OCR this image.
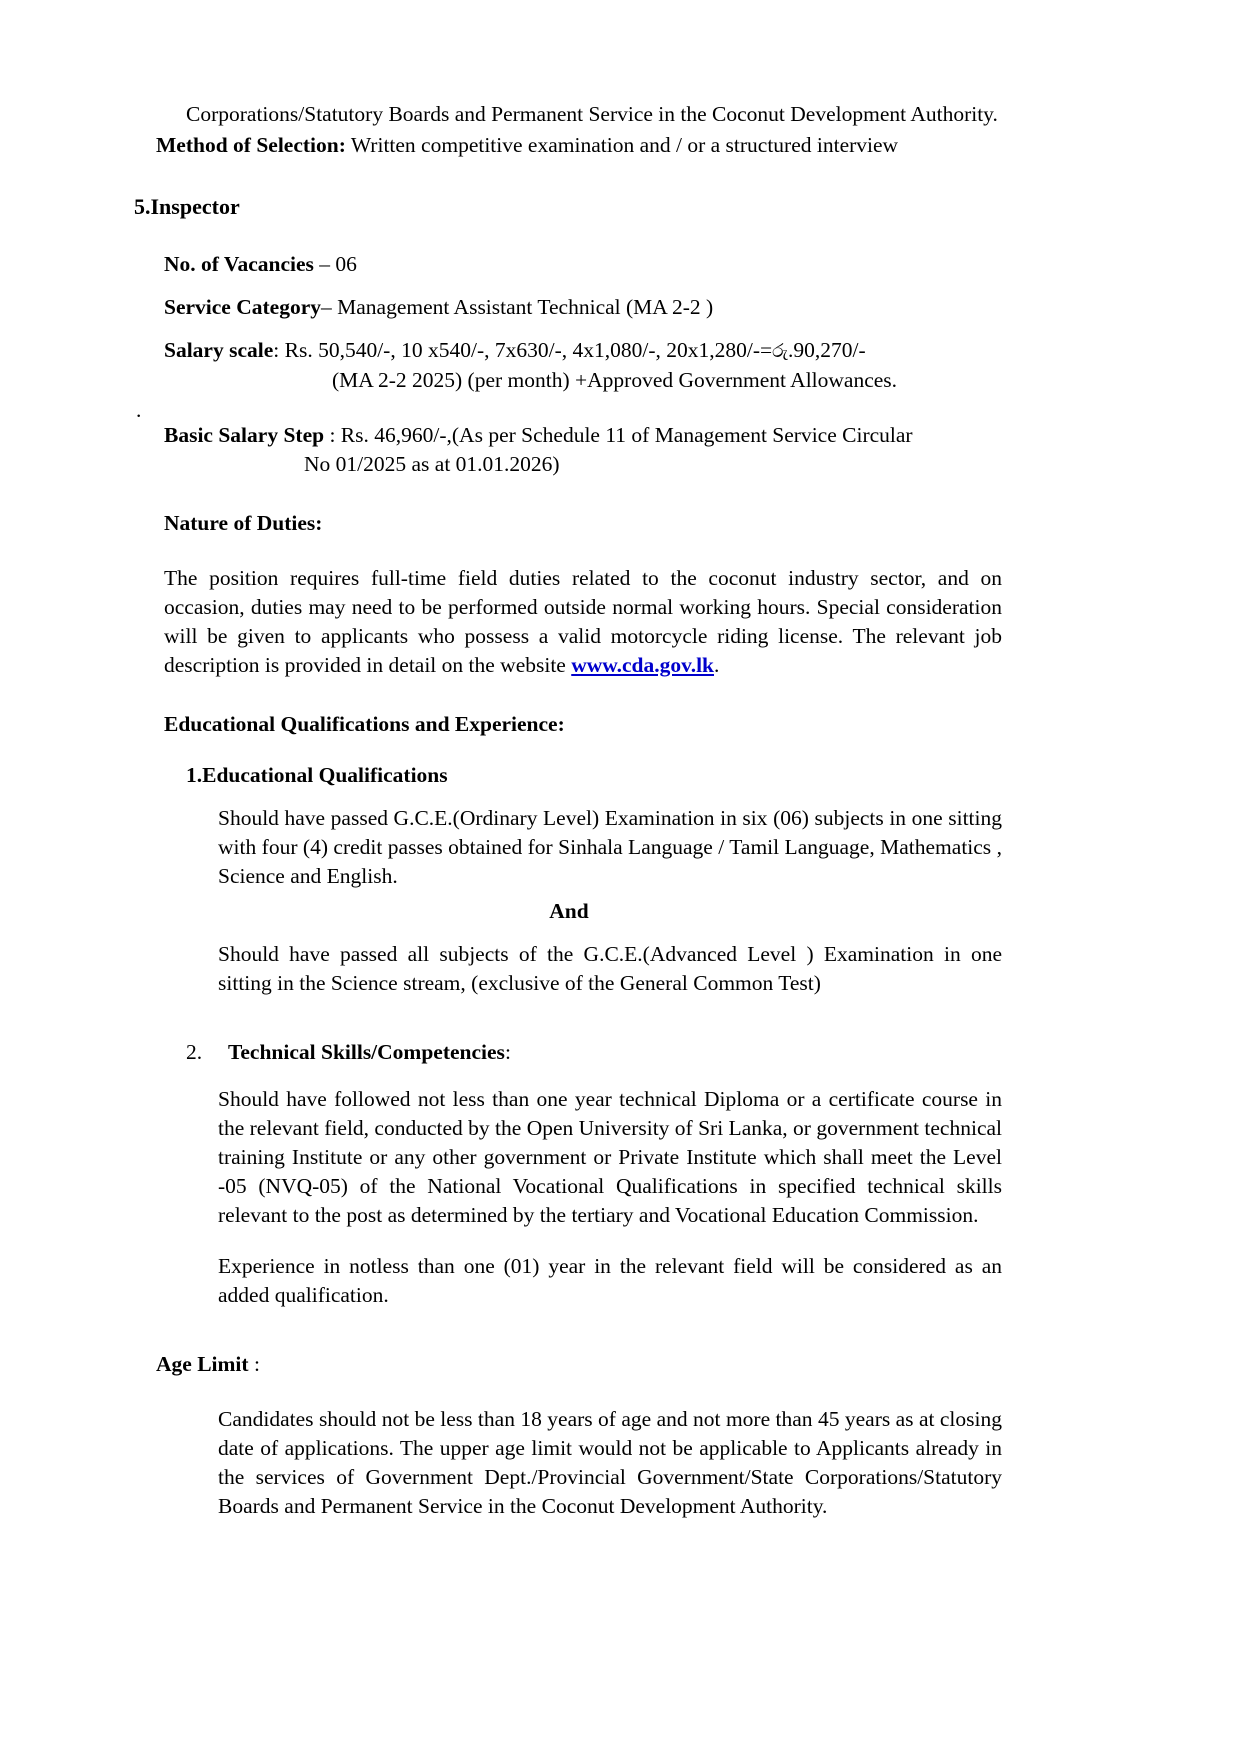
.
Corporations/Statutory Boards and Permanent Service in the Coconut Development Authority.
Method of Selection: Written competitive examination and / or a structured interview
5.Inspector
No. of Vacancies – 06
Service Category– Management Assistant Technical (MA 2-2 )
Salary scale: Rs. 50,540/-, 10 x540/-, 7x630/-, 4x1,080/-, 20x1,280/-=රු.90,270/-
(MA 2-2 2025) (per month) +Approved Government Allowances.
Basic Salary Step : Rs. 46,960/-,(As per Schedule 11 of Management Service Circular
No 01/2025 as at 01.01.2026)
Nature of Duties:
The position requires full-time field duties related to the coconut industry sector, and on occasion, duties may need to be performed outside normal working hours. Special consideration will be given to applicants who possess a valid motorcycle riding license. The relevant job description is provided in detail on the website www.cda.gov.lk.
Educational Qualifications and Experience:
1.Educational Qualifications
Should have passed G.C.E.(Ordinary Level) Examination in six (06) subjects in one sitting with four (4) credit passes obtained for Sinhala Language / Tamil Language, Mathematics , Science and English.
And
Should have passed all subjects of the G.C.E.(Advanced Level ) Examination in one sitting in the Science stream, (exclusive of the General Common Test)
2.	Technical Skills/Competencies:
Should have followed not less than one year technical Diploma or a certificate course in the relevant field, conducted by the Open University of Sri Lanka, or government technical training Institute or any other government or Private Institute which shall meet the Level -05 (NVQ-05) of the National Vocational Qualifications in specified technical skills relevant to the post as determined by the tertiary and Vocational Education Commission.
Experience in notless than one (01) year in the relevant field will be considered as an added qualification.
Age Limit :
Candidates should not be less than 18 years of age and not more than 45 years as at closing date of applications. The upper age limit would not be applicable to Applicants already in the services of Government Dept./Provincial Government/State Corporations/Statutory Boards and Permanent Service in the Coconut Development Authority.
